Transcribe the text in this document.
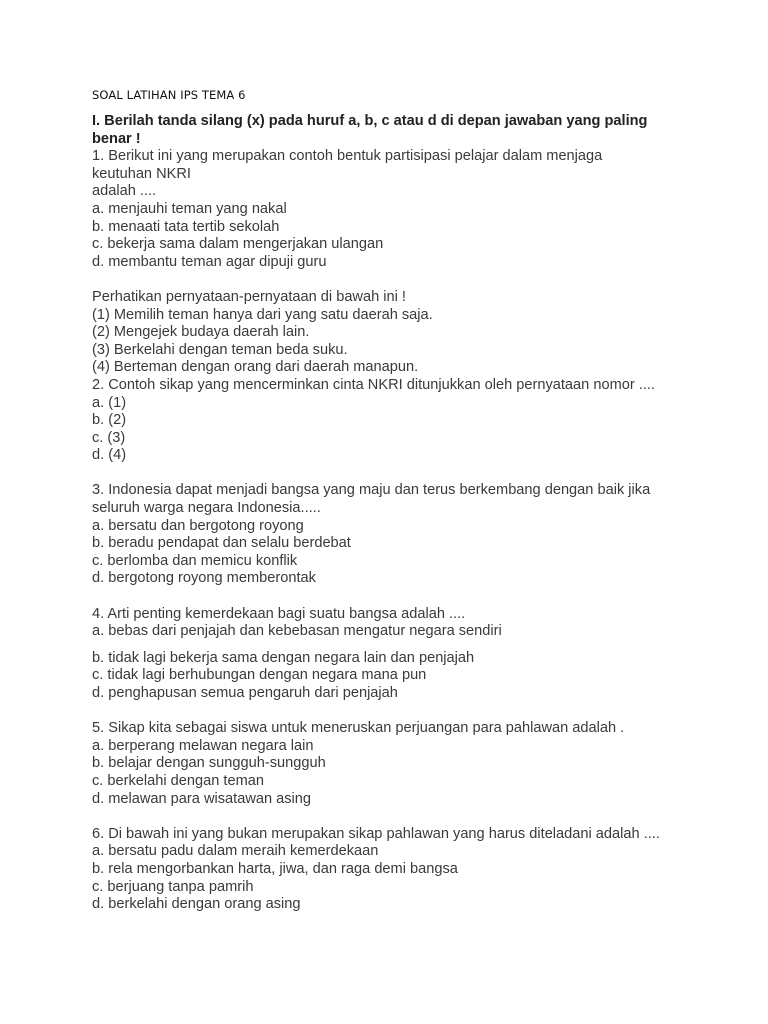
SOAL LATIHAN IPS TEMA 6
I. Berilah tanda silang (x) pada huruf a, b, c atau d di depan jawaban yang paling
benar !
1. Berikut ini yang merupakan contoh bentuk partisipasi pelajar dalam menjaga
keutuhan NKRI
adalah ....
a. menjauhi teman yang nakal
b. menaati tata tertib sekolah
c. bekerja sama dalam mengerjakan ulangan
d. membantu teman agar dipuji guru
Perhatikan pernyataan-pernyataan di bawah ini !
(1) Memilih teman hanya dari yang satu daerah saja.
(2) Mengejek budaya daerah lain.
(3) Berkelahi dengan teman beda suku.
(4) Berteman dengan orang dari daerah manapun.
2. Contoh sikap yang mencerminkan cinta NKRI ditunjukkan oleh pernyataan nomor ....
a. (1)
b. (2)
c. (3)
d. (4)
3. Indonesia dapat menjadi bangsa yang maju dan terus berkembang dengan baik jika
seluruh warga negara Indonesia.....
a. bersatu dan bergotong royong
b. beradu pendapat dan selalu berdebat
c. berlomba dan memicu konflik
d. bergotong royong memberontak
4. Arti penting kemerdekaan bagi suatu bangsa adalah ....
a. bebas dari penjajah dan kebebasan mengatur negara sendiri
b. tidak lagi bekerja sama dengan negara lain dan penjajah
c. tidak lagi berhubungan dengan negara mana pun
d. penghapusan semua pengaruh dari penjajah
5. Sikap kita sebagai siswa untuk meneruskan perjuangan para pahlawan adalah .
a. berperang melawan negara lain
b. belajar dengan sungguh-sungguh
c. berkelahi dengan teman
d. melawan para wisatawan asing
6. Di bawah ini yang bukan merupakan sikap pahlawan yang harus diteladani adalah ....
a. bersatu padu dalam meraih kemerdekaan
b. rela mengorbankan harta, jiwa, dan raga demi bangsa
c. berjuang tanpa pamrih
d. berkelahi dengan orang asing
